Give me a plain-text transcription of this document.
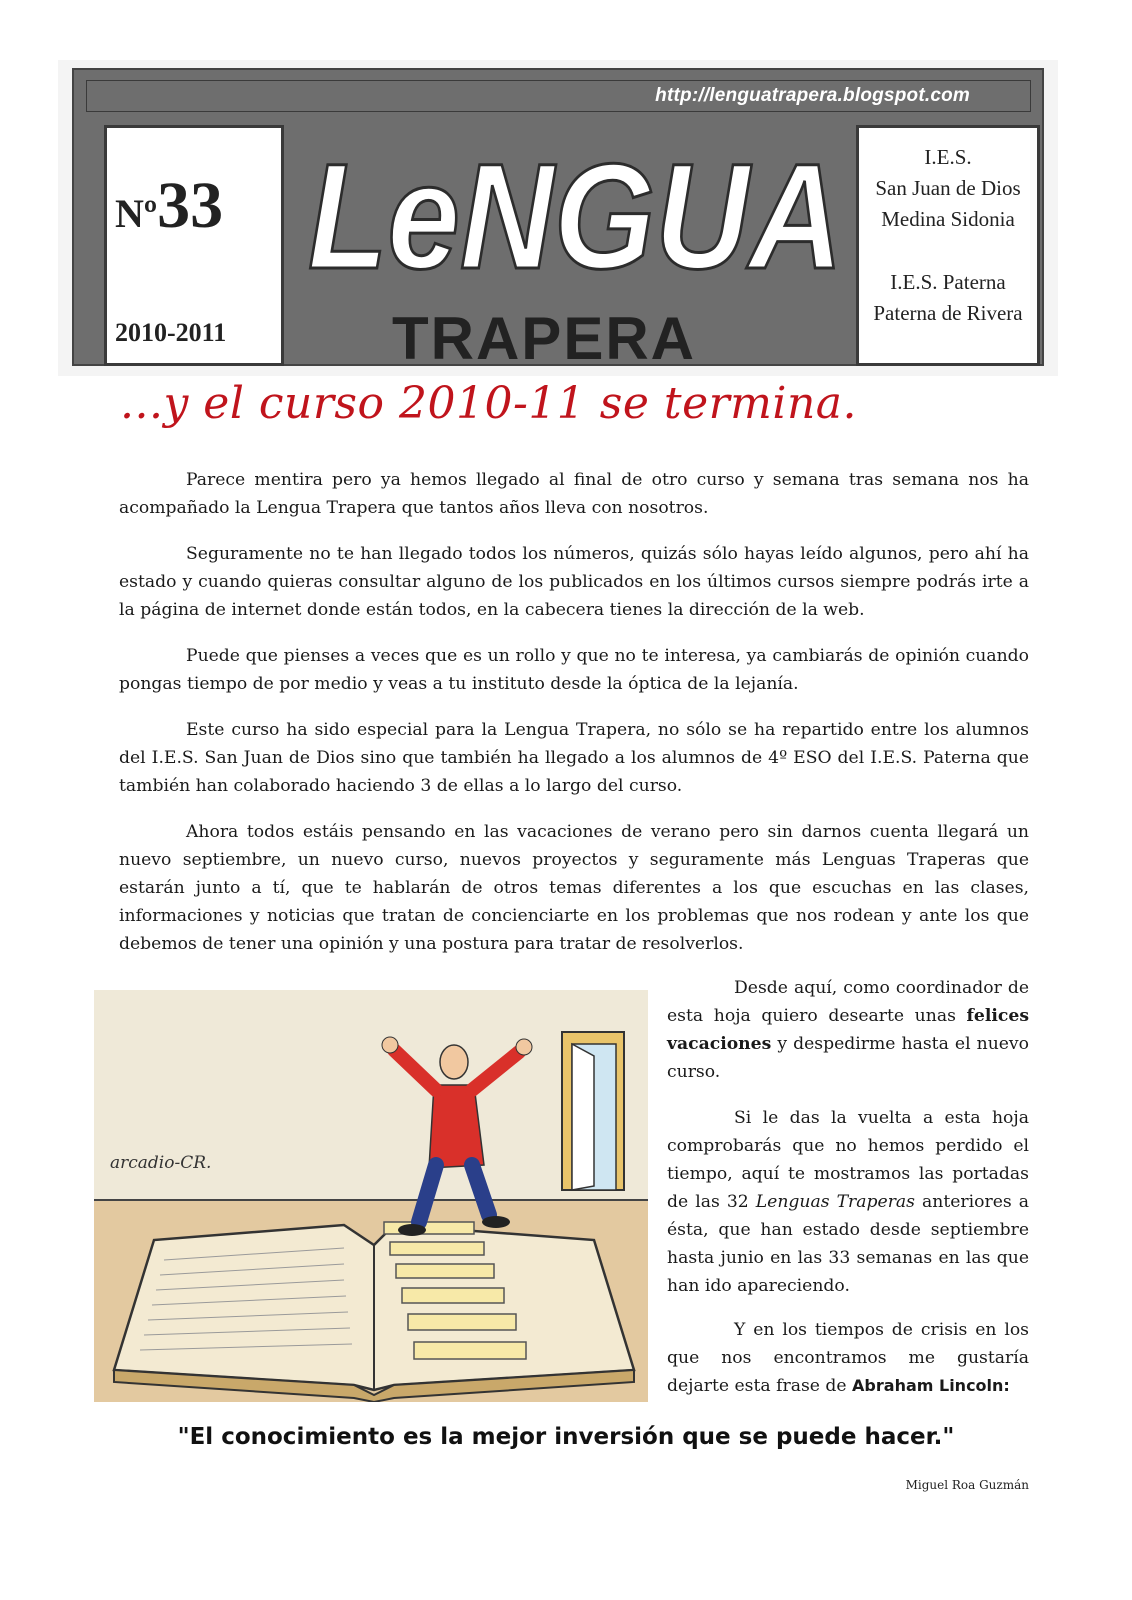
http://lenguatrapera.blogspot.com
Nº33
2010-2011
LeNGUA
TRAPERA

I.E.S.

San Juan de Dios

Medina Sidonia

I.E.S. Paterna

Paterna de Rivera

...y el curso 2010-11 se termina.

Parece mentira pero ya hemos llegado al final de otro curso y semana tras semana nos ha acompañado la Lengua Trapera que tantos años lleva con nosotros.

Seguramente no te han llegado todos los números, quizás sólo hayas leído algunos, pero ahí ha estado y cuando quieras consultar alguno de los publicados en los últimos cursos siempre podrás irte a la página de internet donde están todos, en la cabecera tienes la dirección de la web.

Puede que pienses a veces que es un rollo y que no te interesa, ya cambiarás de opinión cuando pongas tiempo de por medio y veas a tu instituto desde la óptica de la lejanía.

Este curso ha sido especial para la Lengua Trapera, no sólo se ha repartido entre los alumnos del I.E.S. San Juan de Dios sino que también ha llegado a los alumnos de 4º ESO del I.E.S. Paterna que también han colaborado haciendo 3 de ellas a lo largo del curso.

Ahora todos estáis pensando en las vacaciones de verano pero sin darnos cuenta llegará un nuevo septiembre, un nuevo curso, nuevos proyectos y seguramente más Lenguas Traperas que estarán junto a tí, que te hablarán de otros temas diferentes a los que escuchas en las clases, informaciones y noticias que tratan de concienciarte en los problemas que nos rodean y ante los que debemos de tener una opinión y una postura para tratar de resolverlos.

arcadio-CR.

Desde aquí, como coordinador de esta hoja quiero desearte unas felices vacaciones y despedirme hasta el nuevo curso.

Si le das la vuelta a esta hoja comprobarás que no hemos perdido el tiempo, aquí te mostramos las portadas de las 32 Lenguas Traperas anteriores a ésta, que han estado desde septiembre hasta junio en las 33 semanas en las que han ido apareciendo.

Y en los tiempos de crisis en los que nos encontramos me gustaría dejarte esta frase de Abraham Lincoln:

"El conocimiento es la mejor inversión que se puede hacer."
Miguel Roa Guzmán
